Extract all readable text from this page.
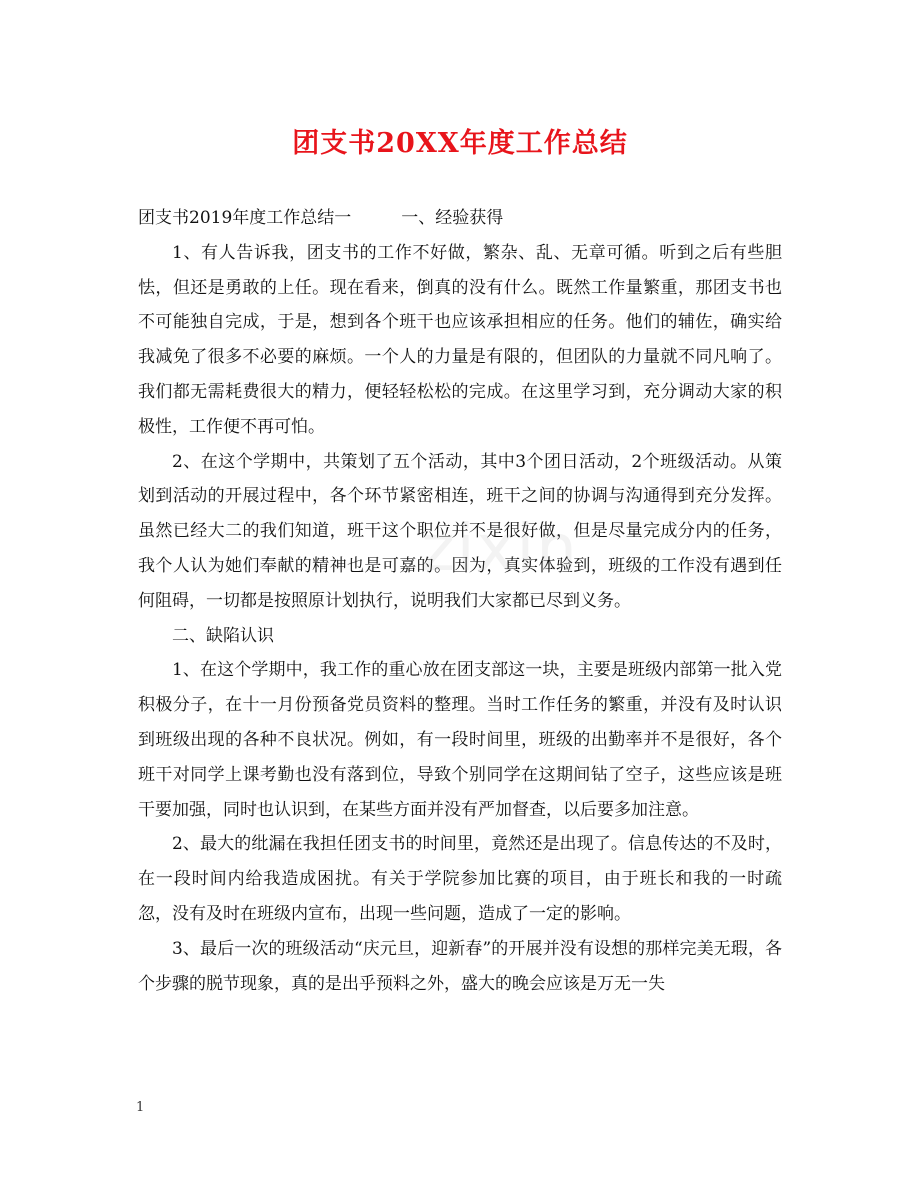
团支书20XX年度工作总结

团支书2019年度工作总结一	一、经验获得

1、有人告诉我，团支书的工作不好做，繁杂、乱、无章可循。听到之后有些胆怯，但还是勇敢的上任。现在看来，倒真的没有什么。既然工作量繁重，那团支书也不可能独自完成，于是，想到各个班干也应该承担相应的任务。他们的辅佐，确实给我减免了很多不必要的麻烦。一个人的力量是有限的，但团队的力量就不同凡响了。我们都无需耗费很大的精力，便轻轻松松的完成。在这里学习到，充分调动大家的积极性，工作便不再可怕。

2、在这个学期中，共策划了五个活动，其中3个团日活动，2个班级活动。从策划到活动的开展过程中，各个环节紧密相连，班干之间的协调与沟通得到充分发挥。虽然已经大二的我们知道，班干这个职位并不是很好做，但是尽量完成分内的任务，我个人认为她们奉献的精神也是可嘉的。因为，真实体验到，班级的工作没有遇到任何阻碍，一切都是按照原计划执行，说明我们大家都已尽到义务。

二、缺陷认识

1、在这个学期中，我工作的重心放在团支部这一块，主要是班级内部第一批入党积极分子，在十一月份预备党员资料的整理。当时工作任务的繁重，并没有及时认识到班级出现的各种不良状况。例如，有一段时间里，班级的出勤率并不是很好，各个班干对同学上课考勤也没有落到位，导致个别同学在这期间钻了空子，这些应该是班干要加强，同时也认识到，在某些方面并没有严加督查，以后要多加注意。

2、最大的纰漏在我担任团支书的时间里，竟然还是出现了。信息传达的不及时，在一段时间内给我造成困扰。有关于学院参加比赛的项目，由于班长和我的一时疏忽，没有及时在班级内宣布，出现一些问题，造成了一定的影响。

3、最后一次的班级活动“庆元旦，迎新春”的开展并没有设想的那样完美无瑕，各个步骤的脱节现象，真的是出乎预料之外，盛大的晚会应该是万无一失

zixin
1
